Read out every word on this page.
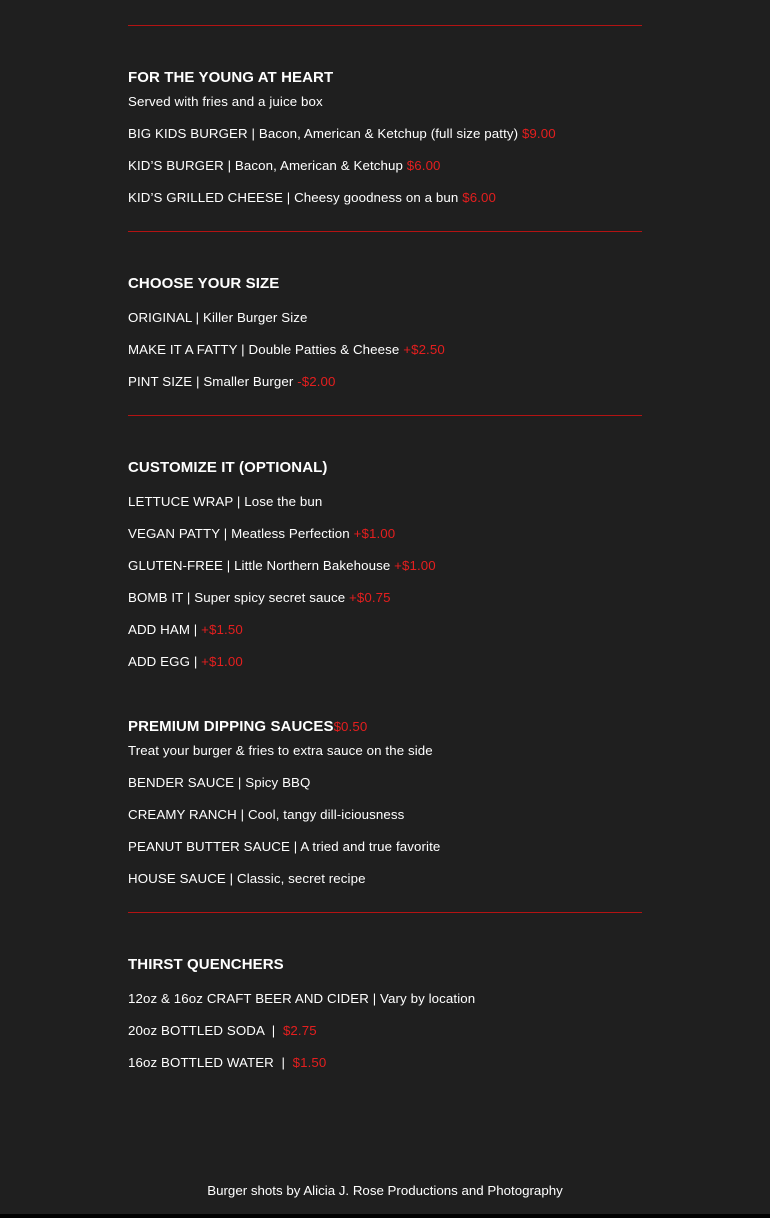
FOR THE YOUNG AT HEART
Served with fries and a juice box
BIG KIDS BURGER | Bacon, American & Ketchup (full size patty) $9.00
KID’S BURGER | Bacon, American & Ketchup $6.00
KID’S GRILLED CHEESE | Cheesy goodness on a bun $6.00
CHOOSE YOUR SIZE
ORIGINAL | Killer Burger Size
MAKE IT A FATTY | Double Patties & Cheese +$2.50
PINT SIZE | Smaller Burger -$2.00
CUSTOMIZE IT (OPTIONAL)
LETTUCE WRAP | Lose the bun
VEGAN PATTY | Meatless Perfection +$1.00
GLUTEN-FREE | Little Northern Bakehouse +$1.00
BOMB IT | Super spicy secret sauce +$0.75
ADD HAM | +$1.50
ADD EGG | +$1.00
PREMIUM DIPPING SAUCES$0.50
Treat your burger & fries to extra sauce on the side
BENDER SAUCE | Spicy BBQ
CREAMY RANCH | Cool, tangy dill-iciousness
PEANUT BUTTER SAUCE | A tried and true favorite
HOUSE SAUCE | Classic, secret recipe
THIRST QUENCHERS
12oz & 16oz CRAFT BEER AND CIDER | Vary by location
20oz BOTTLED SODA  |  $2.75
16oz BOTTLED WATER  |  $1.50
Burger shots by Alicia J. Rose Productions and Photography
